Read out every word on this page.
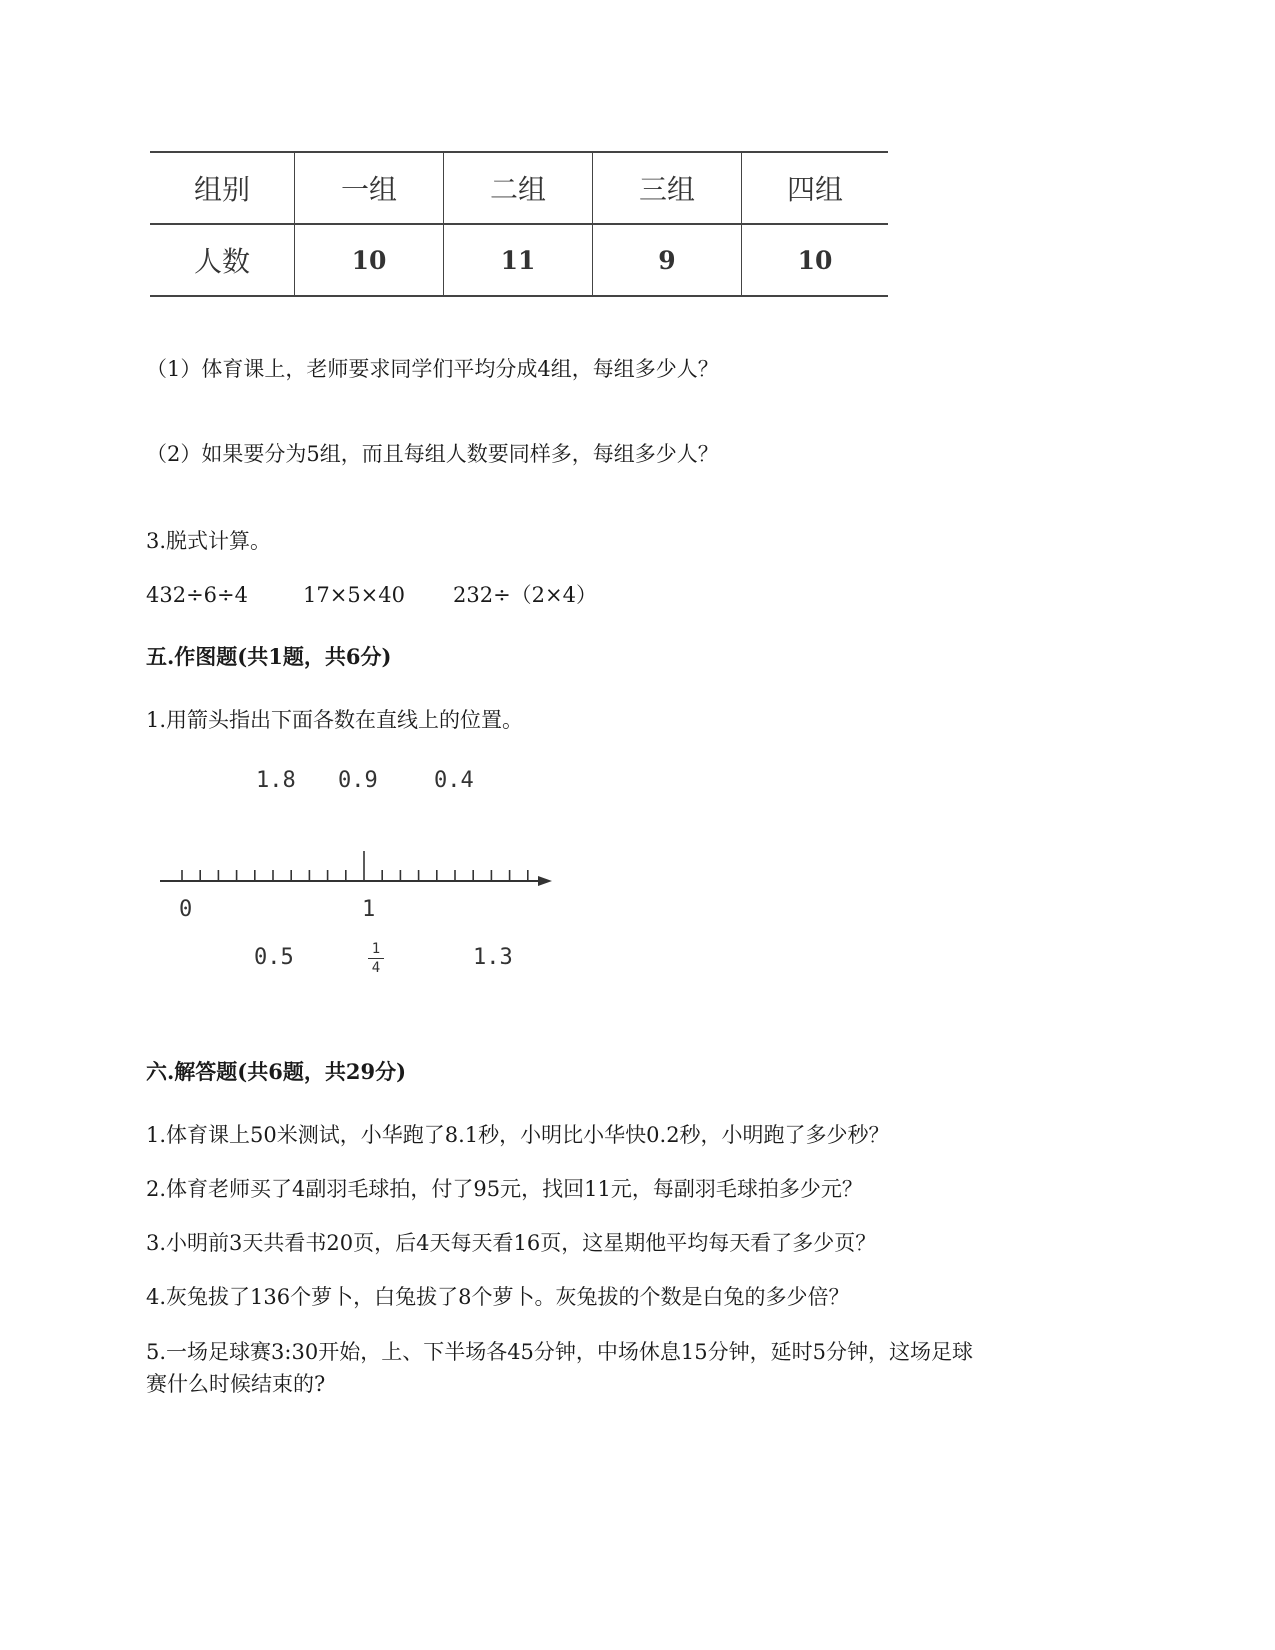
组别	一组	二组	三组	四组
人数	10	11	9	10
（1）体育课上，老师要求同学们平均分成4组，每组多少人？
（2）如果要分为5组，而且每组人数要同样多，每组多少人？
3.脱式计算。
432÷6÷4	17×5×40 232÷（2×4）
五.作图题(共1题，共6分)
1.用箭头指出下面各数在直线上的位置。
1.8 0.9	0.4
0	1
0.5	1
4	1.3
六.解答题(共6题，共29分)
1.体育课上50米测试，小华跑了8.1秒，小明比小华快0.2秒，小明跑了多少秒？
2.体育老师买了4副羽毛球拍，付了95元，找回11元，每副羽毛球拍多少元？
3.小明前3天共看书20页，后4天每天看16页，这星期他平均每天看了多少页？
4.灰兔拔了136个萝卜，白兔拔了8个萝卜。灰兔拔的个数是白兔的多少倍？
5.一场足球赛3:30开始，上、下半场各45分钟，中场休息15分钟，延时5分钟，这场足球
赛什么时候结束的?
